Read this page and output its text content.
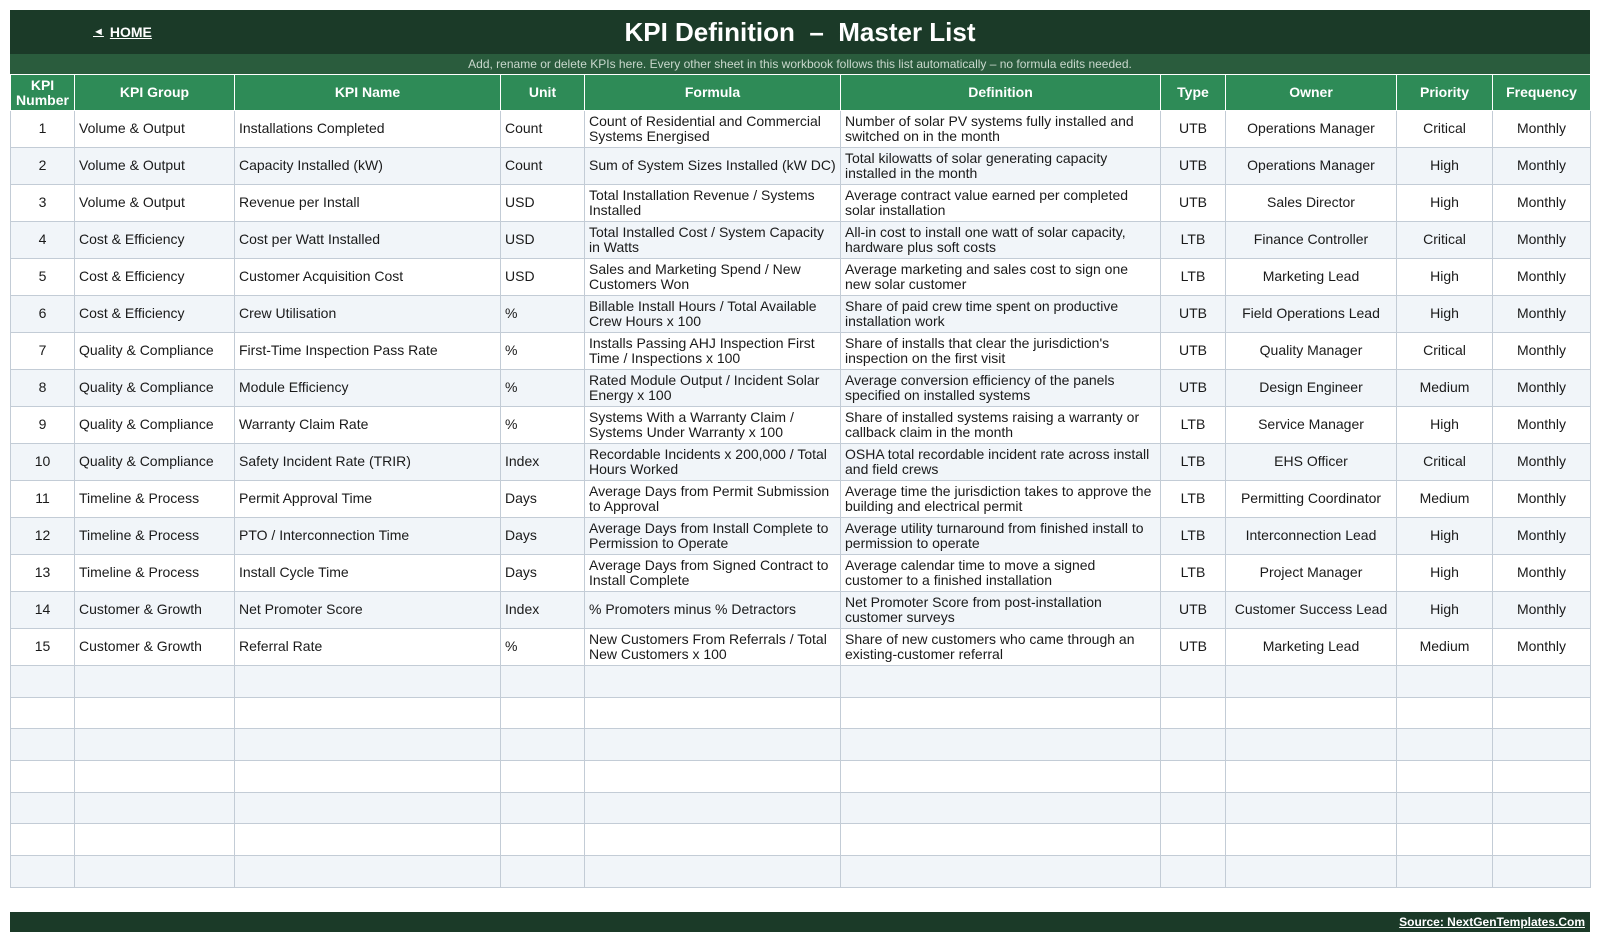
◄ HOME	KPI Definition  –  Master List
Add, rename or delete KPIs here. Every other sheet in this workbook follows this list automatically – no formula edits needed.
KPI Number	KPI Group	KPI Name	Unit	Formula	Definition	Type	Owner	Priority	Frequency
1	Volume & Output	Installations Completed	Count	Count of Residential and Commercial Systems Energised	Number of solar PV systems fully installed and switched on in the month	UTB	Operations Manager	Critical	Monthly
2	Volume & Output	Capacity Installed (kW)	Count	Sum of System Sizes Installed (kW DC)	Total kilowatts of solar generating capacity installed in the month	UTB	Operations Manager	High	Monthly
3	Volume & Output	Revenue per Install	USD	Total Installation Revenue / Systems Installed	Average contract value earned per completed solar installation	UTB	Sales Director	High	Monthly
4	Cost & Efficiency	Cost per Watt Installed	USD	Total Installed Cost / System Capacity in Watts	All-in cost to install one watt of solar capacity, hardware plus soft costs	LTB	Finance Controller	Critical	Monthly
5	Cost & Efficiency	Customer Acquisition Cost	USD	Sales and Marketing Spend / New Customers Won	Average marketing and sales cost to sign one new solar customer	LTB	Marketing Lead	High	Monthly
6	Cost & Efficiency	Crew Utilisation	%	Billable Install Hours / Total Available Crew Hours x 100	Share of paid crew time spent on productive installation work	UTB	Field Operations Lead	High	Monthly
7	Quality & Compliance	First-Time Inspection Pass Rate	%	Installs Passing AHJ Inspection First Time / Inspections x 100	Share of installs that clear the jurisdiction's inspection on the first visit	UTB	Quality Manager	Critical	Monthly
8	Quality & Compliance	Module Efficiency	%	Rated Module Output / Incident Solar Energy x 100	Average conversion efficiency of the panels specified on installed systems	UTB	Design Engineer	Medium	Monthly
9	Quality & Compliance	Warranty Claim Rate	%	Systems With a Warranty Claim / Systems Under Warranty x 100	Share of installed systems raising a warranty or callback claim in the month	LTB	Service Manager	High	Monthly
10	Quality & Compliance	Safety Incident Rate (TRIR)	Index	Recordable Incidents x 200,000 / Total Hours Worked	OSHA total recordable incident rate across install and field crews	LTB	EHS Officer	Critical	Monthly
11	Timeline & Process	Permit Approval Time	Days	Average Days from Permit Submission to Approval	Average time the jurisdiction takes to approve the building and electrical permit	LTB	Permitting Coordinator	Medium	Monthly
12	Timeline & Process	PTO / Interconnection Time	Days	Average Days from Install Complete to Permission to Operate	Average utility turnaround from finished install to permission to operate	LTB	Interconnection Lead	High	Monthly
13	Timeline & Process	Install Cycle Time	Days	Average Days from Signed Contract to Install Complete	Average calendar time to move a signed customer to a finished installation	LTB	Project Manager	High	Monthly
14	Customer & Growth	Net Promoter Score	Index	% Promoters minus % Detractors	Net Promoter Score from post-installation customer surveys	UTB	Customer Success Lead	High	Monthly
15	Customer & Growth	Referral Rate	%	New Customers From Referrals / Total New Customers x 100	Share of new customers who came through an existing-customer referral	UTB	Marketing Lead	Medium	Monthly

Source: NextGenTemplates.Com
